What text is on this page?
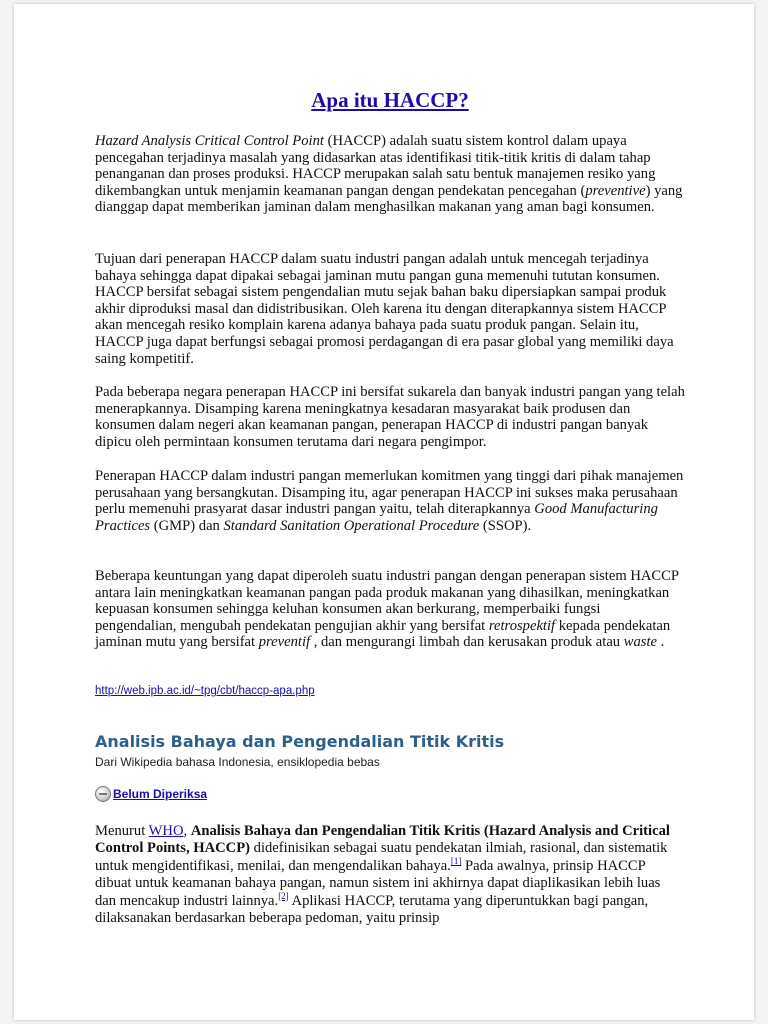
Apa itu HACCP?

Hazard Analysis Critical Control Point (HACCP) adalah suatu sistem kontrol dalam upaya pencegahan terjadinya masalah yang didasarkan atas identifikasi titik-titik kritis di dalam tahap penanganan dan proses produksi. HACCP merupakan salah satu bentuk manajemen resiko yang dikembangkan untuk menjamin keamanan pangan dengan pendekatan pencegahan (preventive) yang dianggap dapat memberikan jaminan dalam menghasilkan makanan yang aman bagi konsumen.

Tujuan dari penerapan HACCP dalam suatu industri pangan adalah untuk mencegah terjadinya bahaya sehingga dapat dipakai sebagai jaminan mutu pangan guna memenuhi tututan konsumen. HACCP bersifat sebagai sistem pengendalian mutu sejak bahan baku dipersiapkan sampai produk akhir diproduksi masal dan didistribusikan. Oleh karena itu dengan diterapkannya sistem HACCP akan mencegah resiko komplain karena adanya bahaya pada suatu produk pangan. Selain itu, HACCP juga dapat berfungsi sebagai promosi perdagangan di era pasar global yang memiliki daya saing kompetitif.

Pada beberapa negara penerapan HACCP ini bersifat sukarela dan banyak industri pangan yang telah menerapkannya. Disamping karena meningkatnya kesadaran masyarakat baik produsen dan konsumen dalam negeri akan keamanan pangan, penerapan HACCP di industri pangan banyak dipicu oleh permintaan konsumen terutama dari negara pengimpor.

Penerapan HACCP dalam industri pangan memerlukan komitmen yang tinggi dari pihak manajemen perusahaan yang bersangkutan. Disamping itu, agar penerapan HACCP ini sukses maka perusahaan perlu memenuhi prasyarat dasar industri pangan yaitu, telah diterapkannya Good Manufacturing Practices (GMP) dan Standard Sanitation Operational Procedure (SSOP).

Beberapa keuntungan yang dapat diperoleh suatu industri pangan dengan penerapan sistem HACCP antara lain meningkatkan keamanan pangan pada produk makanan yang dihasilkan, meningkatkan kepuasan konsumen sehingga keluhan konsumen akan berkurang, memperbaiki fungsi pengendalian, mengubah pendekatan pengujian akhir yang bersifat retrospektif kepada pendekatan jaminan mutu yang bersifat preventif , dan mengurangi limbah dan kerusakan produk atau waste .

http://web.ipb.ac.id/~tpg/cbt/haccp-apa.php
Analisis Bahaya dan Pengendalian Titik Kritis
Dari Wikipedia bahasa Indonesia, ensiklopedia bebas
Belum Diperiksa

Menurut WHO, Analisis Bahaya dan Pengendalian Titik Kritis (Hazard Analysis and Critical Control Points, HACCP) didefinisikan sebagai suatu pendekatan ilmiah, rasional, dan sistematik untuk mengidentifikasi, menilai, dan mengendalikan bahaya.[1] Pada awalnya, prinsip HACCP dibuat untuk keamanan bahaya pangan, namun sistem ini akhirnya dapat diaplikasikan lebih luas dan mencakup industri lainnya.[2] Aplikasi HACCP, terutama yang diperuntukkan bagi pangan, dilaksanakan berdasarkan beberapa pedoman, yaitu prinsip
